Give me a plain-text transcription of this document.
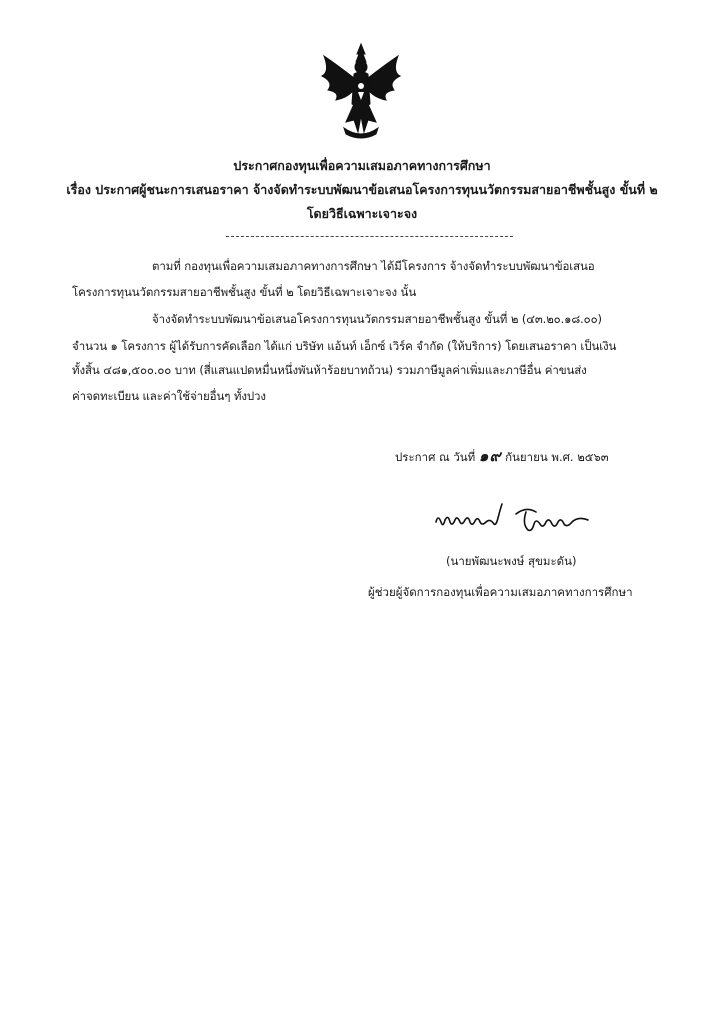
ประกาศกองทุนเพื่อความเสมอภาคทางการศึกษา
เรื่อง ประกาศผู้ชนะการเสนอราคา จ้างจัดทำระบบพัฒนาข้อเสนอโครงการทุนนวัตกรรมสายอาชีพชั้นสูง ขั้นที่ ๒
โดยวิธีเฉพาะเจาะจง
ตามที่ กองทุนเพื่อความเสมอภาคทางการศึกษา ได้มีโครงการ จ้างจัดทำระบบพัฒนาข้อเสนอ
โครงการทุนนวัตกรรมสายอาชีพชั้นสูง ขั้นที่ ๒ โดยวิธีเฉพาะเจาะจง นั้น
จ้างจัดทำระบบพัฒนาข้อเสนอโครงการทุนนวัตกรรมสายอาชีพชั้นสูง ขั้นที่ ๒ (๔๓.๒๐.๑๘.๐๐)
จำนวน ๑ โครงการ ผู้ได้รับการคัดเลือก ได้แก่ บริษัท แอ้นท์ เอ็กซ์ เวิร์ค จำกัด (ให้บริการ) โดยเสนอราคา เป็นเงิน
ทั้งสิ้น ๔๘๑,๕๐๐.๐๐ บาท (สี่แสนแปดหมื่นหนึ่งพันห้าร้อยบาทถ้วน) รวมภาษีมูลค่าเพิ่มและภาษีอื่น ค่าขนส่ง
ค่าจดทะเบียน และค่าใช้จ่ายอื่นๆ ทั้งปวง
ประกาศ ณ วันที่ ๑๙ กันยายน พ.ศ. ๒๕๖๓
(นายพัฒนะพงษ์ สุขมะดัน)
ผู้ช่วยผู้จัดการกองทุนเพื่อความเสมอภาคทางการศึกษา
